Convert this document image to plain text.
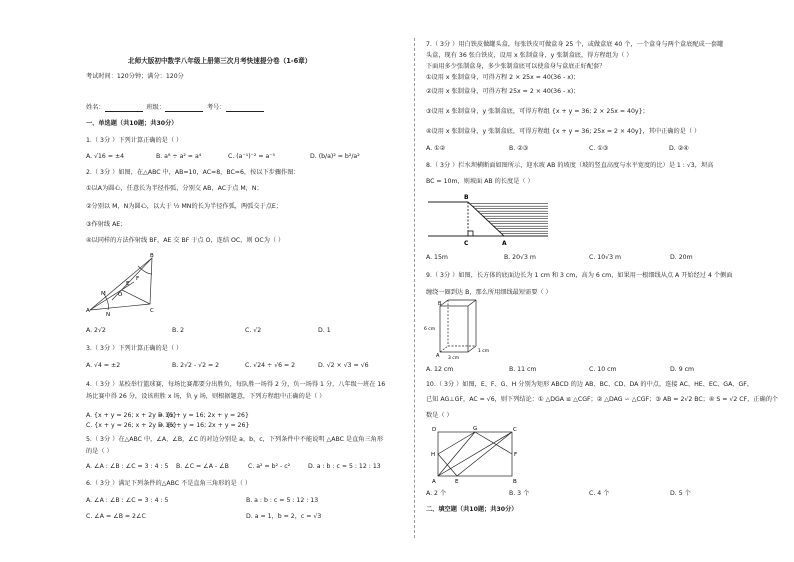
北师大版初中数学八年级上册第三次月考快速提分卷（1-6章）
考试时间：120分钟；满分：120分
姓名：	班级：	考号：
一、单选题（共10题；共30分）
1.（ 3分 ）下列计算正确的是（ ）
A. √16 = ±4	B. a⁸ ÷ a² = a⁴	C. (a⁻¹)⁻² = a⁻⁵	D. (b/a)² = b²/a²
2.（ 3分 ）如图，在△ABC 中，AB=10，AC=8，BC=6，按以下步骤作图：
①以A为圆心，任意长为半径作弧，分别交 AB，AC于点 M，N；
②分别以 M，N为圆心，以大于 ½ MN的长为半径作弧，两弧交于点E；
③作射线 AE；
④以同样的方法作射线 BF，AE 交 BF 于点 O，连结 OC，则 OC为（ ）
B
M
E
F
O
A
N
C
A. 2√2	B. 2	C. √2	D. 1
3.（ 3分 ）下列计算正确的是（ ）
A. √4 = ±2	B. 2√2 - √2 = 2	C. √24 ÷ √6 = 2	D. √2 × √3 = √6
4.（ 3分 ）某校举行篮球赛，每场比赛都要分出胜负，每队胜一场得 2 分，负一场得 1 分，八年级一班在 16
场比赛中得 26 分，设该班胜 x 场，负 y 场，则根据题意，下列方程组中正确的是（ ）
A. {x + y = 26; x + 2y = 16}
B. {x + y = 16; 2x + y = 26}
C. {x + y = 26; x + 2y = 16}
D. {x + y = 16; 2x + y = 26}
5.（ 3分 ）在△ABC 中，∠A，∠B，∠C 的对边分别是 a，b，c，下列条件中不能说明 △ABC 是直角三角形
的是（ ）
A. ∠A : ∠B : ∠C = 3 : 4 : 5 B. ∠C = ∠A - ∠B	C. a² = b² - c²	D. a : b : c = 5 : 12 : 13
6.（ 3分 ）满足下列条件的△ABC 不是直角三角形的是（ ）
A. ∠A : ∠B : ∠C = 3 : 4 : 5	B. a : b : c = 5 : 12 : 13
C. ∠A = ∠B = 2∠C	D. a = 1，b = 2，c = √3
7.（ 3分 ）用白铁皮做罐头盒，每张铁皮可做盒身 25 个，或做盒底 40 个，一个盒身与两个盒底配成一套罐
头盒，现有 36 张白铁皮，设用 x 张制盒身，y 张制盒底，得方程组为（ ）
下面用多少张制盒身，多少张制盒底可以使盒身与盒底正好配套？
①设用 x 张制盒身，可得方程 2 × 25x = 40(36 - x)；
②设用 x 张制盒身，可得方程 25x = 2 × 40(36 - x)；
③设用 x 张制盒身，y 张制盒底，可得方程组 {x + y = 36; 2 × 25x = 40y}；
④设用 x 张制盒身，y 张制盒底，可得方程组 {x + y = 36; 25x = 2 × 40y}，其中正确的是（ ）
A. ①②	B. ②③	C. ①③	D. ②④
8.（ 3分 ）拦水坝横断面如图所示，迎水坡 AB 的坡度（坡的竖直高度与水平宽度的比）是 1 : √3，坝高
BC = 10m，则坡面 AB 的长度是（ ）
B
C	A
A. 15m	B. 20√3 m	C. 10√3 m	D. 20m
9.（ 3分 ）如图，长方体的底面边长为 1 cm 和 3 cm，高为 6 cm，如果用一根细线从点 A 开始经过 4 个侧面
缠绕一圈到达 B，那么所用细线最短需要（ ）
B
6 cm
A 3 cm
1 cm
A. 12 cm	B. 11 cm	C. 10 cm	D. 9 cm
10.（ 3分 ）如图，E、F、G、H 分别为矩形 ABCD 的边 AB、BC、CD、DA 的中点，连接 AC、HE、EC、GA、GF，
已知 AG⊥GF，AC = √6，则下列结论：① △DGA ≌ △CGF；② △DAG ∽ △CGF；③ AB = 2√2 BC；④ S = √2 CF，正确的个
数是（ ）
D	G	C
H	F
A	E	B
A. 2 个	B. 3 个	C. 4 个	D. 5 个
二、填空题（共10题；共30分）
